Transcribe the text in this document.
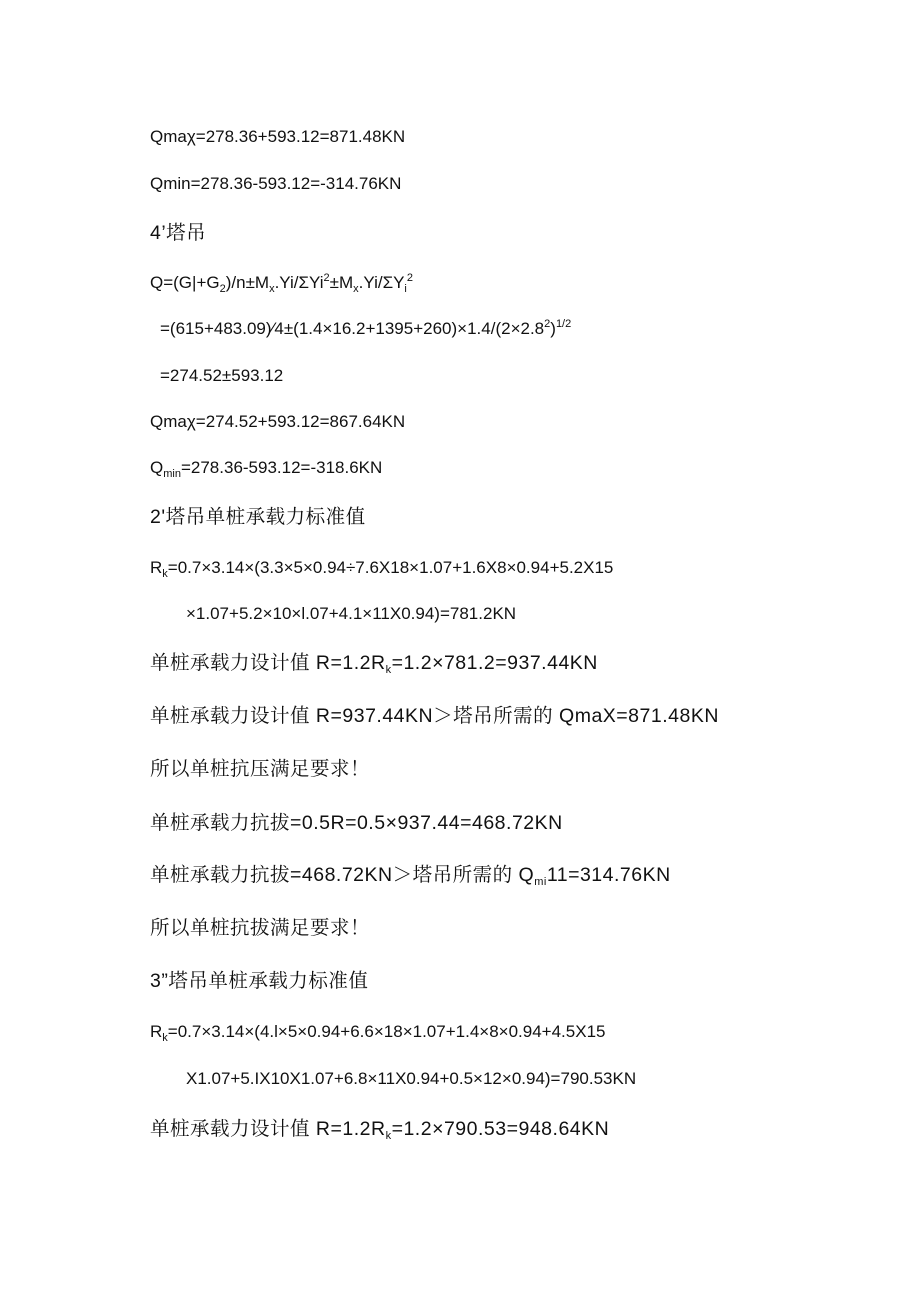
Qmaχ=278.36+593.12=871.48KN
Qmin=278.36-593.12=-314.76KN
4’塔吊
$Q=(G|+G_2)/n\pm M_x.Yi/\Sigma Yi^2\pm M_x.Yi/\Sigma Y_i^2$
$=(615+483.09)⁄4\pm(1.4\times 16.2+1395+260)\times 1.4/(2\times 2.8^2)^{1/2}$
=274.52±593.12
Qmaχ=274.52+593.12=867.64KN
$Q_{min}=278.36-593.12=-318.6KN$
2'塔吊单桩承载力标准值
$R_k=0.7\times 3.14\times(3.3\times 5\times 0.94\div 7.6X18\times 1.07+1.6X8\times 0.94+5.2X15$
×1.07+5.2×10×l.07+4.1×11X0.94)=781.2KN
单桩承载力设计值 $R=1.2R_k=1.2\times 781.2=937.44KN$
单桩承载力设计值 R=937.44KN＞塔吊所需的 QmaX=871.48KN
所以单桩抗压满足要求！
单桩承载力抗拔=0.5R=0.5×937.44=468.72KN
单桩承载力抗拔=468.72KN＞塔吊所需的 $Q_{mi}11=314.76KN$
所以单桩抗拔满足要求！
3”塔吊单桩承载力标准值
$R_k=0.7\times 3.14\times(4.l\times 5\times 0.94+6.6\times 18\times 1.07+1.4\times 8\times 0.94+4.5X15$
X1.07+5.IX10X1.07+6.8×11X0.94+0.5×12×0.94)=790.53KN
单桩承载力设计值 $R=1.2R_k=1.2\times 790.53=948.64KN$
